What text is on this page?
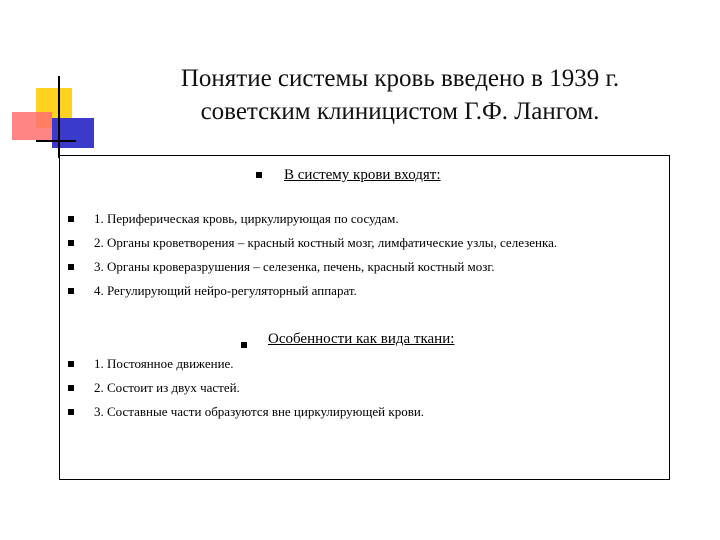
Понятие системы кровь введено в 1939 г.
советским клиницистом Г.Ф. Лангом.
В систему крови входят:
1. Периферическая кровь, циркулирующая по сосудам.
2. Органы кроветворения – красный костный мозг, лимфатические узлы, селезенка.
3. Органы кроверазрушения – селезенка, печень, красный костный мозг.
4. Регулирующий нейро-регуляторный аппарат.
Особенности как вида ткани:
1. Постоянное движение.
2. Состоит из двух частей.
3. Составные части образуются вне циркулирующей крови.
